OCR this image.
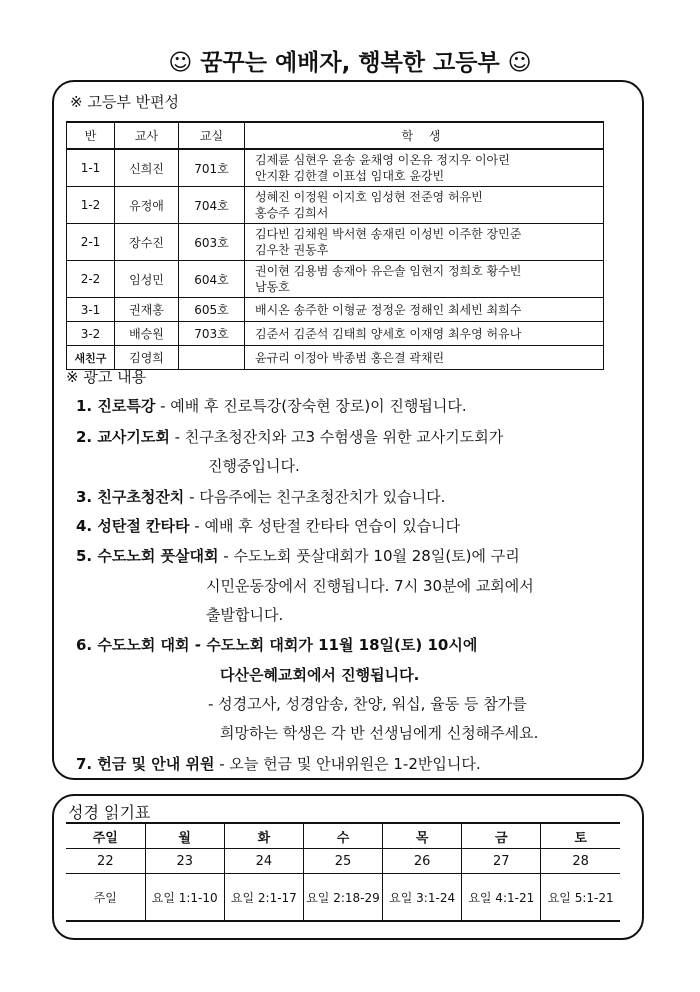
☺ 꿈꾸는 예배자, 행복한 고등부 ☺
※ 고등부 반편성
반	교사	교실	학 생
1-1	신희진	701호	김제륜 심현우 윤송 윤채영 이온유 정지우 이아린
안지환 김한결 이표섭 임대호 윤강빈

1-2	유정애	704호	성혜진 이정원 이지호 임성현 전준영 허유빈
홍승주 김희서

2-1	장수진	603호	김다빈 김채원 박서현 송재린 이성빈 이주한 장민준
김우찬 권동후

2-2	임성민	604호	권이현 김용범 송재아 유은솔 임현지 정희호 황수빈
남동호

3-1	권재홍	605호	배시온 송주한 이형균 정정운 정해인 최세빈 최희수
3-2	배승원	703호	김준서 김준석 김태희 양세호 이재영 최우영 허유나
새친구	김영희		윤규리 이정아 박종범 홍은결 곽채린
※ 광고 내용
1. 진로특강 - 예배 후 진로특강(장숙현 장로)이 진행됩니다.
2. 교사기도회 - 친구초청잔치와 고3 수험생을 위한 교사기도회가
진행중입니다.
3. 친구초청잔치 - 다음주에는 친구초청잔치가 있습니다.
4. 성탄절 칸타타 - 예배 후 성탄절 칸타타 연습이 있습니다
5. 수도노회 풋살대회 - 수도노회 풋살대회가 10월 28일(토)에 구리
시민운동장에서 진행됩니다. 7시 30분에 교회에서
출발합니다.
6. 수도노회 대회 - 수도노회 대회가 11월 18일(토) 10시에
다산은혜교회에서 진행됩니다.
- 성경고사, 성경암송, 찬양, 워십, 율동 등 참가를
희망하는 학생은 각 반 선생님에게 신청해주세요.
7. 헌금 및 안내 위원 - 오늘 헌금 및 안내위원은 1-2반입니다.
성경 읽기표
주일	월	화	수	목	금	토
22	23	24	25	26	27	28
주일	요일 1:1-10	요일 2:1-17	요일 2:18-29	요일 3:1-24	요일 4:1-21	요일 5:1-21
